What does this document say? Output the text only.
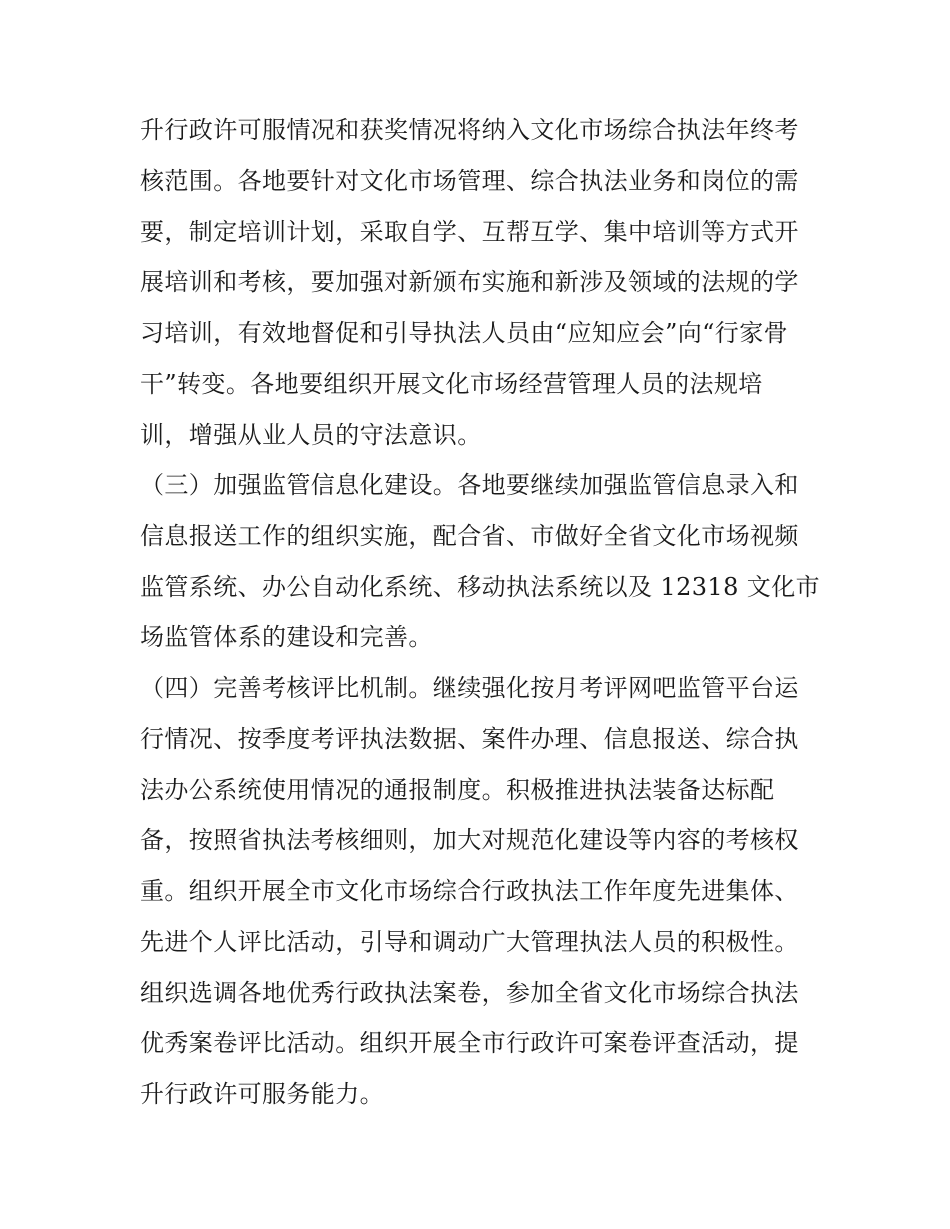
升行政许可服情况和获奖情况将纳入文化市场综合执法年终考
核范围。各地要针对文化市场管理、综合执法业务和岗位的需
要，制定培训计划，采取自学、互帮互学、集中培训等方式开
展培训和考核，要加强对新颁布实施和新涉及领域的法规的学
习培训，有效地督促和引导执法人员由“应知应会”向“行家骨
干”转变。各地要组织开展文化市场经营管理人员的法规培
训，增强从业人员的守法意识。
（三）加强监管信息化建设。各地要继续加强监管信息录入和
信息报送工作的组织实施，配合省、市做好全省文化市场视频
监管系统、办公自动化系统、移动执法系统以及 12318 文化市
场监管体系的建设和完善。
（四）完善考核评比机制。继续强化按月考评网吧监管平台运
行情况、按季度考评执法数据、案件办理、信息报送、综合执
法办公系统使用情况的通报制度。积极推进执法装备达标配
备，按照省执法考核细则，加大对规范化建设等内容的考核权
重。组织开展全市文化市场综合行政执法工作年度先进集体、
先进个人评比活动，引导和调动广大管理执法人员的积极性。
组织选调各地优秀行政执法案卷，参加全省文化市场综合执法
优秀案卷评比活动。组织开展全市行政许可案卷评查活动，提
升行政许可服务能力。
